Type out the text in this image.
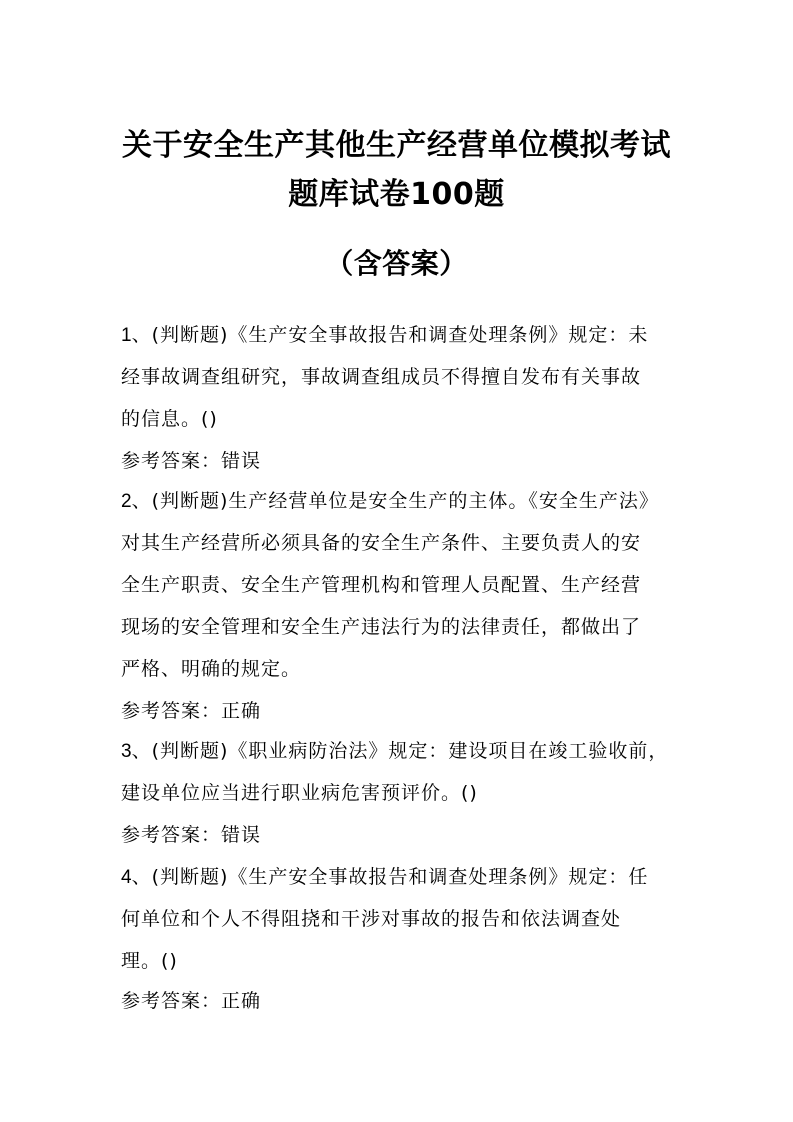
关于安全生产其他生产经营单位模拟考试
题库试卷100题
（含答案）
1、(判断题)《生产安全事故报告和调查处理条例》规定：未
经事故调查组研究，事故调查组成员不得擅自发布有关事故
的信息。()
参考答案：错误
2、(判断题)生产经营单位是安全生产的主体。《安全生产法》
对其生产经营所必须具备的安全生产条件、主要负责人的安
全生产职责、安全生产管理机构和管理人员配置、生产经营
现场的安全管理和安全生产违法行为的法律责任，都做出了
严格、明确的规定。
参考答案：正确
3、(判断题)《职业病防治法》规定：建设项目在竣工验收前，
建设单位应当进行职业病危害预评价。()
参考答案：错误
4、(判断题)《生产安全事故报告和调查处理条例》规定：任
何单位和个人不得阻挠和干涉对事故的报告和依法调查处
理。()
参考答案：正确
